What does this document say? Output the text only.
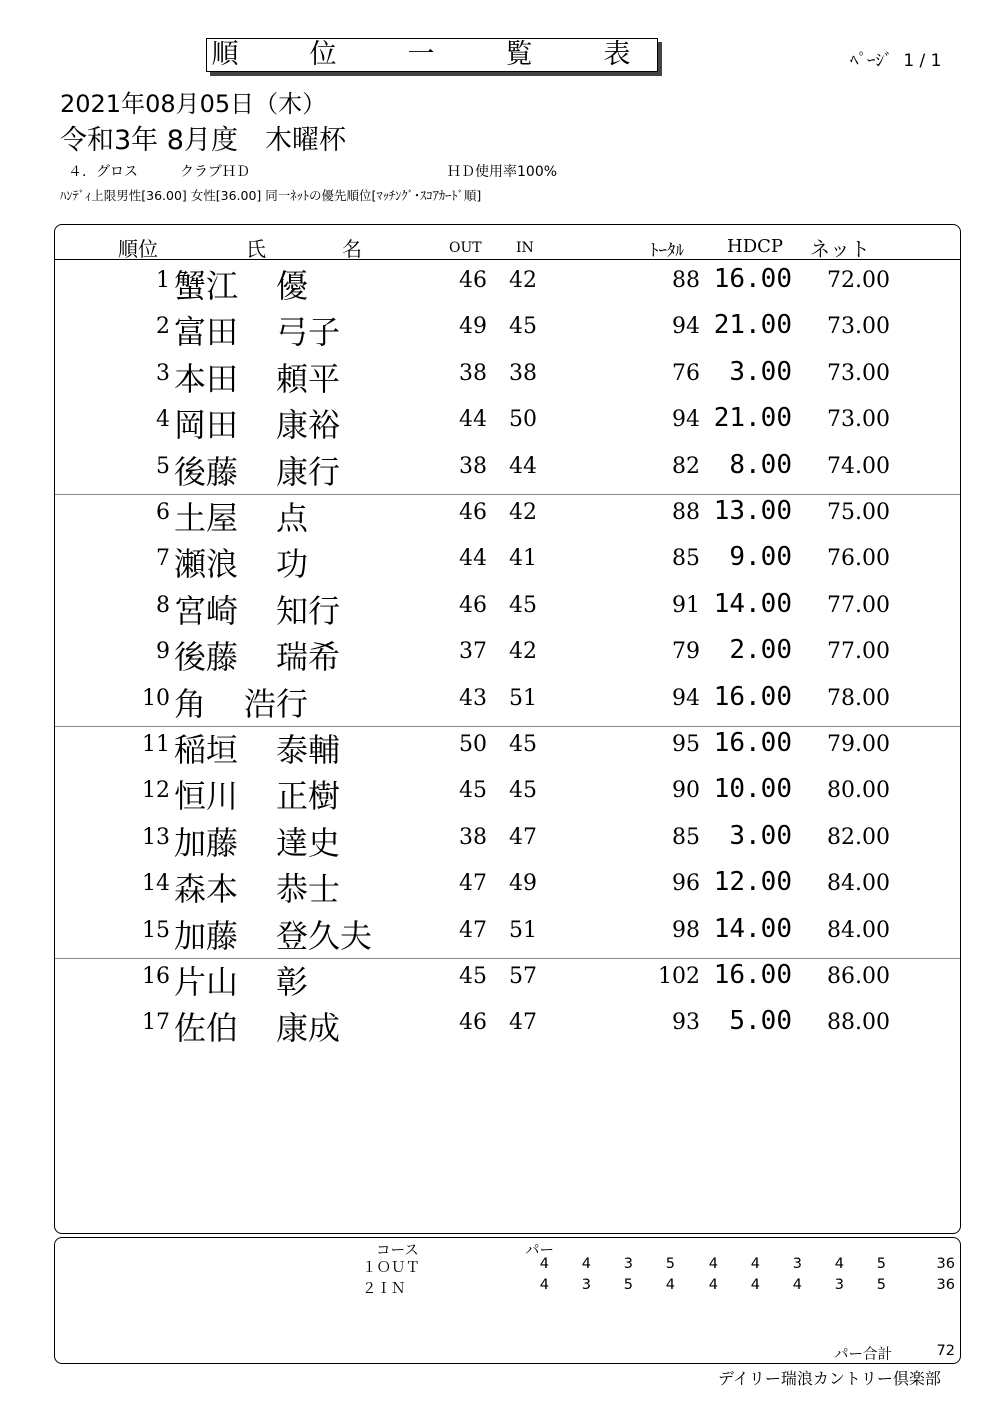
順　位　一　覧　表	ﾍﾟｰｼﾞ 1 / 1
2021年08月05日（木）
令和3年 8月度　木曜杯
４．グロス　　　クラブＨＤ	ＨＤ使用率100%
ﾊﾝﾃﾞｨ上限男性[36.00] 女性[36.00] 同一ﾈｯﾄの優先順位[ﾏｯﾁﾝｸﾞ･ｽｺｱｶｰﾄﾞ順]
順位	氏	名	OUT IN	ﾄｰﾀﾙ HDCP ネット
1 蟹江 優	46	42	88 16.00	72.00
2 富田 弓子	49	45	94 21.00	73.00
3 本田 頼平	38	38	76	3.00	73.00
4 岡田 康裕	44	50	94 21.00	73.00
5 後藤 康行	38	44	82	8.00	74.00
6 土屋 点	46	42	88 13.00	75.00
7 瀬浪 功	44	41	85	9.00	76.00
8 宮崎 知行	46	45	91 14.00	77.00
9 後藤 瑞希	37	42	79	2.00	77.00
10 角 浩行	43	51	94 16.00	78.00
11 稲垣 泰輔	50	45	95 16.00	79.00
12 恒川 正樹	45	45	90 10.00	80.00
13 加藤 達史	38	47	85	3.00	82.00
14 森本 恭士	47	49	96 12.00	84.00
15 加藤 登久夫	47	51	98 14.00	84.00
16 片山 彰	45	57	102 16.00	86.00
17 佐伯 康成	46	47	93	5.00	88.00
コース	パー
１ＯＵＴ	4 4 3 5 4 4 3 4 5	36
２ＩＮ	4 3 5 4 4 4 4 3 5	36
パー合計	72
デイリー瑞浪カントリー倶楽部
